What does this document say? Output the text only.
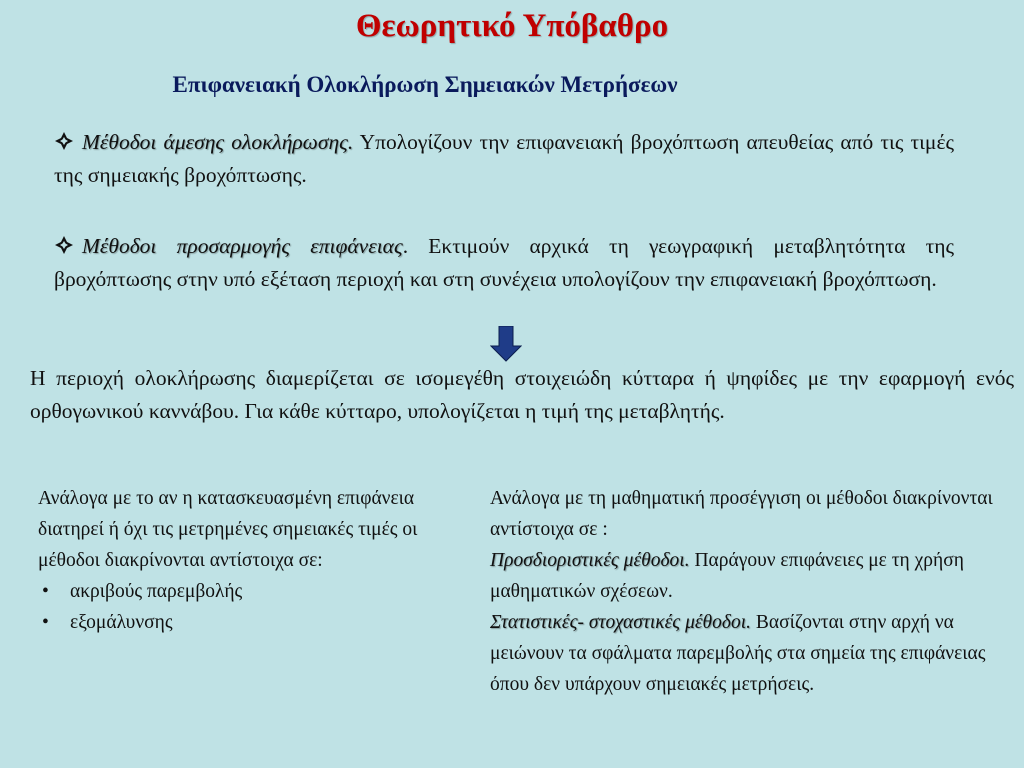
Θεωρητικό Υπόβαθρο
Επιφανειακή Ολοκλήρωση Σημειακών Μετρήσεων
Μέθοδοι άμεσης ολοκλήρωσης. Υπολογίζουν την επιφανειακή βροχόπτωση απευθείας από τις τιμές της σημειακής βροχόπτωσης.
Μέθοδοι προσαρμογής επιφάνειας. Εκτιμούν αρχικά τη γεωγραφική μεταβλητότητα της βροχόπτωσης στην υπό εξέταση περιοχή και στη συνέχεια υπολογίζουν την επιφανειακή βροχόπτωση.
Η περιοχή ολοκλήρωσης διαμερίζεται σε ισομεγέθη στοιχειώδη κύτταρα ή ψηφίδες με την εφαρμογή ενός ορθογωνικού καννάβου. Για κάθε κύτταρο, υπολογίζεται η τιμή της μεταβλητής.
Ανάλογα με το αν η κατασκευασμένη επιφάνεια διατηρεί ή όχι τις μετρημένες σημειακές τιμές οι μέθοδοι διακρίνονται αντίστοιχα σε:
• ακριβούς παρεμβολής
• εξομάλυνσης
Ανάλογα με τη μαθηματική προσέγγιση οι μέθοδοι διακρίνονται αντίστοιχα σε :
Προσδιοριστικές μέθοδοι. Παράγουν επιφάνειες με τη χρήση μαθηματικών σχέσεων.
Στατιστικές- στοχαστικές μέθοδοι. Βασίζονται στην αρχή να μειώνουν τα σφάλματα παρεμβολής στα σημεία της επιφάνειας όπου δεν υπάρχουν σημειακές μετρήσεις.
